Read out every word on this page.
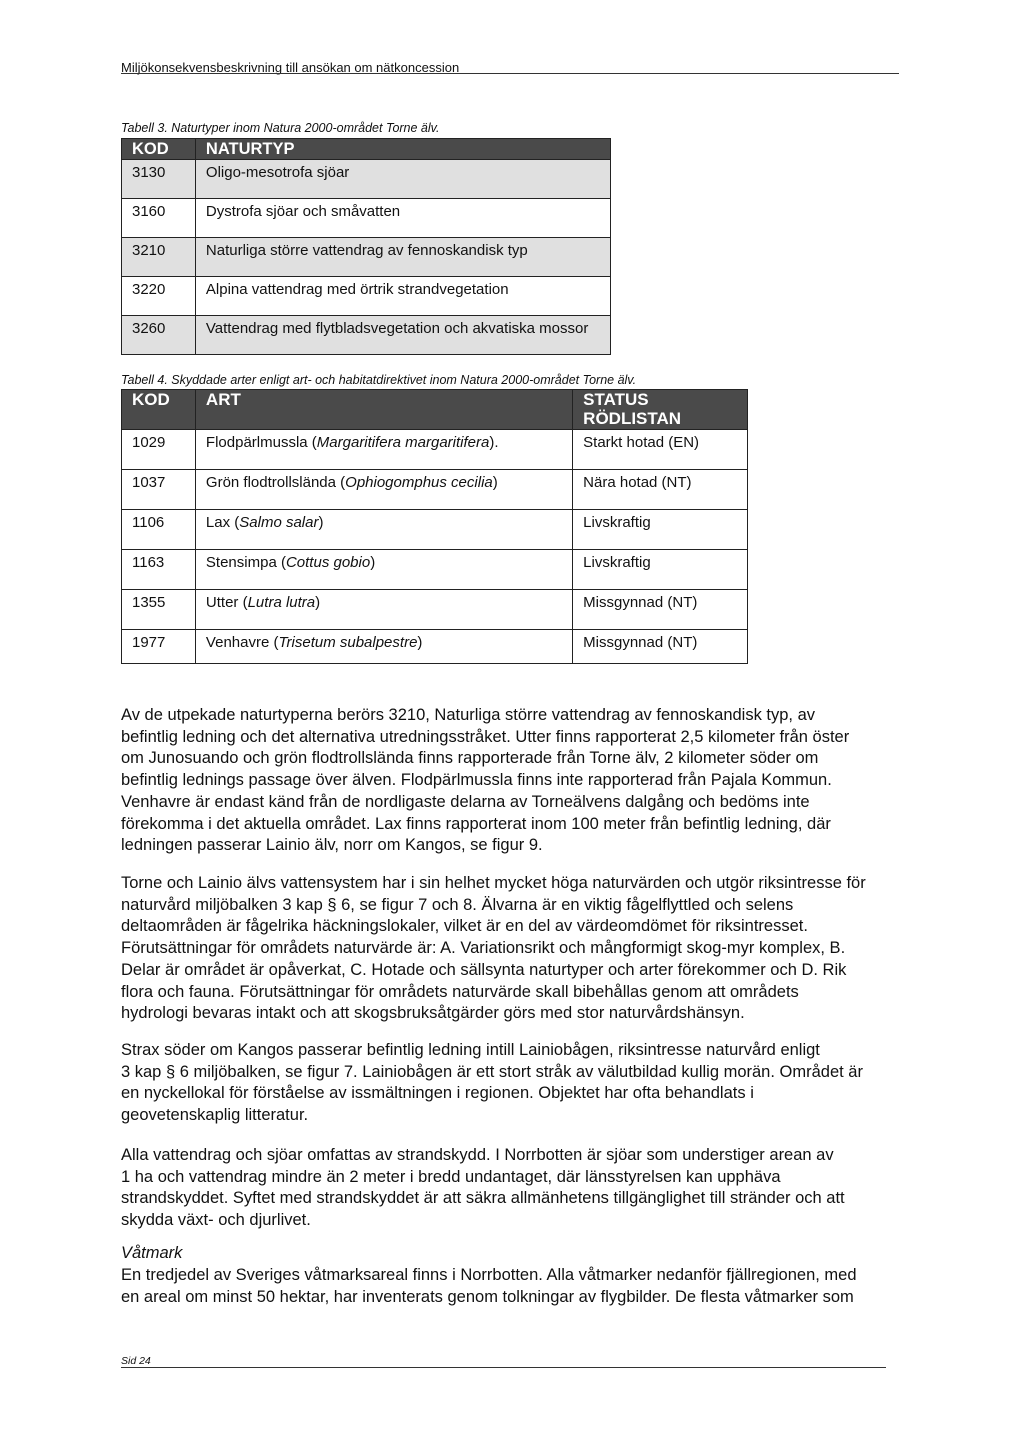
Miljökonsekvensbeskrivning till ansökan om nätkoncession
Tabell 3. Naturtyper inom Natura 2000-området Torne älv.
KOD	NATURTYP
3130	Oligo-mesotrofa sjöar
3160	Dystrofa sjöar och småvatten
3210	Naturliga större vattendrag av fennoskandisk typ
3220	Alpina vattendrag med örtrik strandvegetation
3260	Vattendrag med flytbladsvegetation och akvatiska mossor
Tabell 4. Skyddade arter enligt art- och habitatdirektivet inom Natura 2000-området Torne älv.
KOD	ART	STATUS RÖDLISTAN
1029	Flodpärlmussla (Margaritifera margaritifera).	Starkt hotad (EN)
1037	Grön flodtrollslända (Ophiogomphus cecilia)	Nära hotad (NT)
1106	Lax (Salmo salar)	Livskraftig
1163	Stensimpa (Cottus gobio)	Livskraftig
1355	Utter (Lutra lutra)	Missgynnad (NT)
1977	Venhavre (Trisetum subalpestre)	Missgynnad (NT)

Av de utpekade naturtyperna berörs 3210, Naturliga större vattendrag av fennoskandisk typ, av
befintlig ledning och det alternativa utredningsstråket. Utter finns rapporterat 2,5 kilometer från öster
om Junosuando och grön flodtrollslända finns rapporterade från Torne älv, 2 kilometer söder om
befintlig lednings passage över älven. Flodpärlmussla finns inte rapporterad från Pajala Kommun.
Venhavre är endast känd från de nordligaste delarna av Torneälvens dalgång och bedöms inte
förekomma i det aktuella området. Lax finns rapporterat inom 100 meter från befintlig ledning, där
ledningen passerar Lainio älv, norr om Kangos, se figur 9.

Torne och Lainio älvs vattensystem har i sin helhet mycket höga naturvärden och utgör riksintresse för
naturvård miljöbalken 3 kap § 6, se figur 7 och 8. Älvarna är en viktig fågelflyttled och selens
deltaområden är fågelrika häckningslokaler, vilket är en del av värdeomdömet för riksintresset.
Förutsättningar för områdets naturvärde är: A. Variationsrikt och mångformigt skog-myr komplex, B.
Delar är området är opåverkat, C. Hotade och sällsynta naturtyper och arter förekommer och D. Rik
flora och fauna. Förutsättningar för områdets naturvärde skall bibehållas genom att områdets
hydrologi bevaras intakt och att skogsbruksåtgärder görs med stor naturvårdshänsyn.

Strax söder om Kangos passerar befintlig ledning intill Lainiobågen, riksintresse naturvård enligt
3 kap § 6 miljöbalken, se figur 7. Lainiobågen är ett stort stråk av välutbildad kullig morän. Området är
en nyckellokal för förståelse av issmältningen i regionen. Objektet har ofta behandlats i
geovetenskaplig litteratur.

Alla vattendrag och sjöar omfattas av strandskydd. I Norrbotten är sjöar som understiger arean av
1 ha och vattendrag mindre än 2 meter i bredd undantaget, där länsstyrelsen kan upphäva
strandskyddet. Syftet med strandskyddet är att säkra allmänhetens tillgänglighet till stränder och att
skydda växt- och djurlivet.

Våtmark

En tredjedel av Sveriges våtmarksareal finns i Norrbotten. Alla våtmarker nedanför fjällregionen, med
en areal om minst 50 hektar, har inventerats genom tolkningar av flygbilder. De flesta våtmarker som

Sid 24
